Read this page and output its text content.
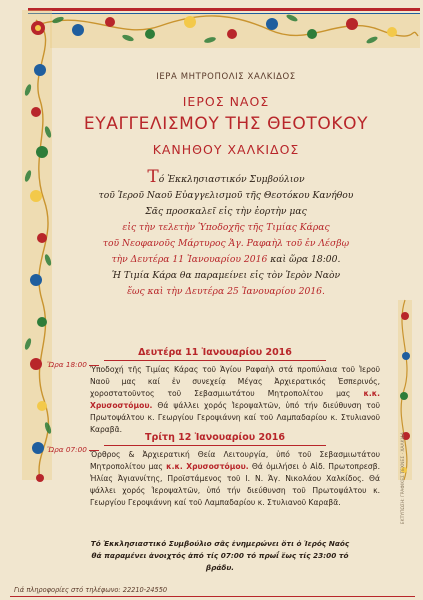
ΙΕΡΑ ΜΗΤΡΟΠΟΛΙΣ ΧΑΛΚΙΔΟΣ
ΙΕΡΟΣ ΝΑΟΣ
ΕΥΑΓΓΕΛΙΣΜΟΥ ΤΗΣ ΘΕΟΤΟΚΟΥ
ΚΑΝΗΘΟΥ ΧΑΛΚΙΔΟΣ
Τό Ἐκκλησιαστικόν Συμβούλιον
τοῦ Ἱεροῦ Ναοῦ Εὐαγγελισμοῦ τῆς Θεοτόκου Κανήθου
Σᾶς προσκαλεῖ εἰς τὴν ἑορτὴν μας
εἰς τὴν τελετὴν Ὑποδοχῆς τῆς Τιμίας Κάρας
τοῦ Νεοφανοῦς Μάρτυρος Ἁγ. Ραφαὴλ τοῦ ἐν Λέσβῳ
τὴν Δευτέρα 11 Ἰανουαρίου 2016 καὶ ὥρα 18:00.
Ἡ Τιμία Κάρα θα παραμείνει εἰς τὸν Ἱερὸν Ναὸν
ἕως καὶ τὴν Δευτέρα 25 Ἰανουαρίου 2016.
Δευτέρα 11 Ἰανουαρίου 2016
Ὥρα 18:00
Ὑποδοχή τῆς Τιμίας Κάρας τοῦ Ἁγίου Ραφαὴλ στά προπύλαια τοῦ Ἱεροῦ Ναοῦ μας καί ἐν συνεχείᾳ Μέγας Ἀρχιερατικός Ἑσπερινός, χοροστατοῦντος τοῦ Σεβασμιωτάτου Μητροπολίτου μας κ.κ. Χρυσοστόμου. Θά ψάλλει χορός Ἱεροψαλτῶν, ὑπό τήν διεύθυνση τοῦ Πρωτοψάλτου κ. Γεωργίου Γεροψιάννη καί τοῦ Λαμπαδαρίου κ. Στυλιανοῦ Καραβᾶ.
Τρίτη 12 Ἰανουαρίου 2016
Ὥρα 07:00
Ὄρθρος & Ἀρχιερατική Θεία Λειτουργία, ὑπό τοῦ Σεβασμιωτάτου Μητροπολίτου μας κ.κ. Χρυσοστόμου. Θά ὁμιλήσει ὁ Αἰδ. Πρωτοπρεσβ. Ἠλίας Ἀγιαννίτης, Προϊστάμενος τοῦ Ι. Ν. Ἁγ. Νικολάου Χαλκίδος. Θά ψάλλει χορός Ἱεροψαλτῶν, ὑπό τήν διεύθυνση τοῦ Πρωτοψάλτου κ. Γεωργίου Γεροψιάννη καί τοῦ Λαμπαδαρίου κ. Στυλιανοῦ Καραβᾶ.
Τό Ἐκκλησιαστικό Συμβούλιο σᾶς ἐνημερώνει ὅτι ὁ Ἱερός Ναός
θά παραμένει ἀνοιχτός ἀπό τίς 07:00 τό πρωΐ ἕως τίς 23:00 τό βράδυ.
Γιά πληροφορίες στό τηλέφωνο: 22210-24550
ΕΚΤΥΠΩΣΗ: ΓΡΑΦΙΚΕΣ ΤΕΧΝΕΣ · ΧΑΛΚΙΔΑ
